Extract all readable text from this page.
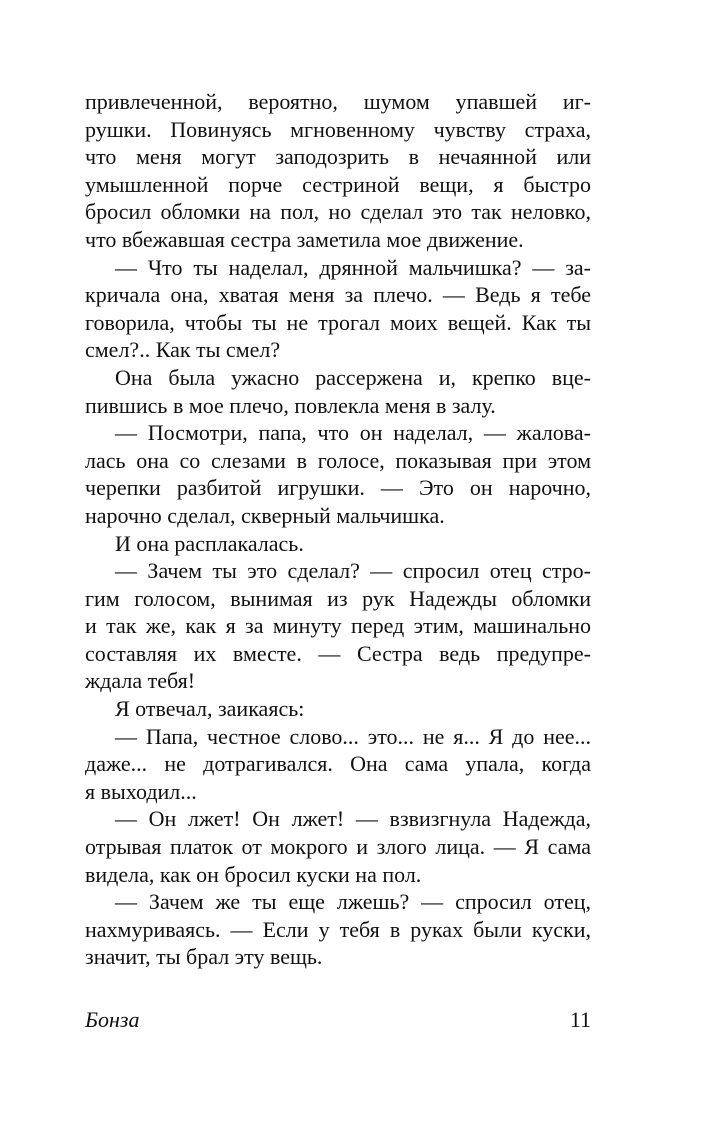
привлеченной, вероятно, шумом упавшей иг-
рушки. Повинуясь мгновенному чувству страха,
что меня могут заподозрить в нечаянной или
умышленной порче сестриной вещи, я быстро
бросил обломки на пол, но сделал это так неловко,
что вбежавшая сестра заметила мое движение.
— Что ты наделал, дрянной мальчишка? — за-
кричала она, хватая меня за плечо. — Ведь я тебе
говорила, чтобы ты не трогал моих вещей. Как ты
смел?.. Как ты смел?
Она была ужасно рассержена и, крепко вце-
пившись в мое плечо, повлекла меня в залу.
— Посмотри, папа, что он наделал, — жалова-
лась она со слезами в голосе, показывая при этом
черепки разбитой игрушки. — Это он нарочно,
нарочно сделал, скверный мальчишка.
И она расплакалась.
— Зачем ты это сделал? — спросил отец стро-
гим голосом, вынимая из рук Надежды обломки
и так же, как я за минуту перед этим, машинально
составляя их вместе. — Сестра ведь предупре-
ждала тебя!
Я отвечал, заикаясь:
— Папа, честное слово... это... не я... Я до нее...
даже... не дотрагивался. Она сама упала, когда
я выходил...
— Он лжет! Он лжет! — взвизгнула Надежда,
отрывая платок от мокрого и злого лица. — Я сама
видела, как он бросил куски на пол.
— Зачем же ты еще лжешь? — спросил отец,
нахмуриваясь. — Если у тебя в руках были куски,
значит, ты брал эту вещь.
Бонза	11
